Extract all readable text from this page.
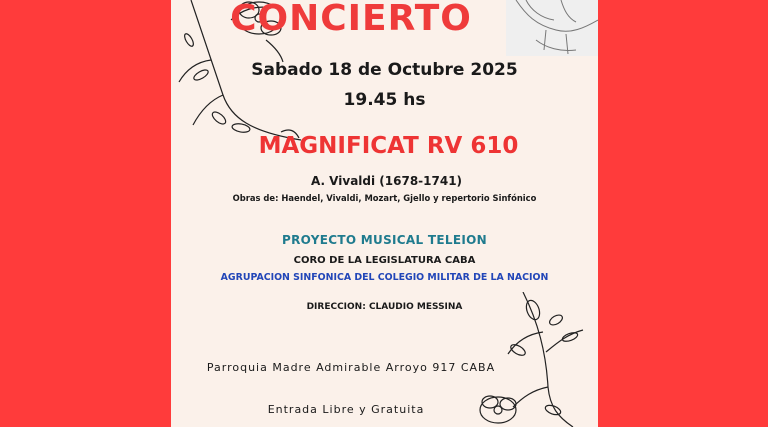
CONCIERTO
Sabado 18 de Octubre 2025
19.45 hs
MAGNIFICAT RV 610
A. Vivaldi (1678-1741)
Obras de: Haendel, Vivaldi, Mozart, Gjello y repertorio Sinfónico
PROYECTO MUSICAL TELEION
CORO DE LA LEGISLATURA CABA
AGRUPACION SINFONICA DEL COLEGIO MILITAR DE LA NACION
DIRECCION: CLAUDIO MESSINA
Parroquia Madre Admirable Arroyo 917 CABA
Entrada Libre y Gratuita
